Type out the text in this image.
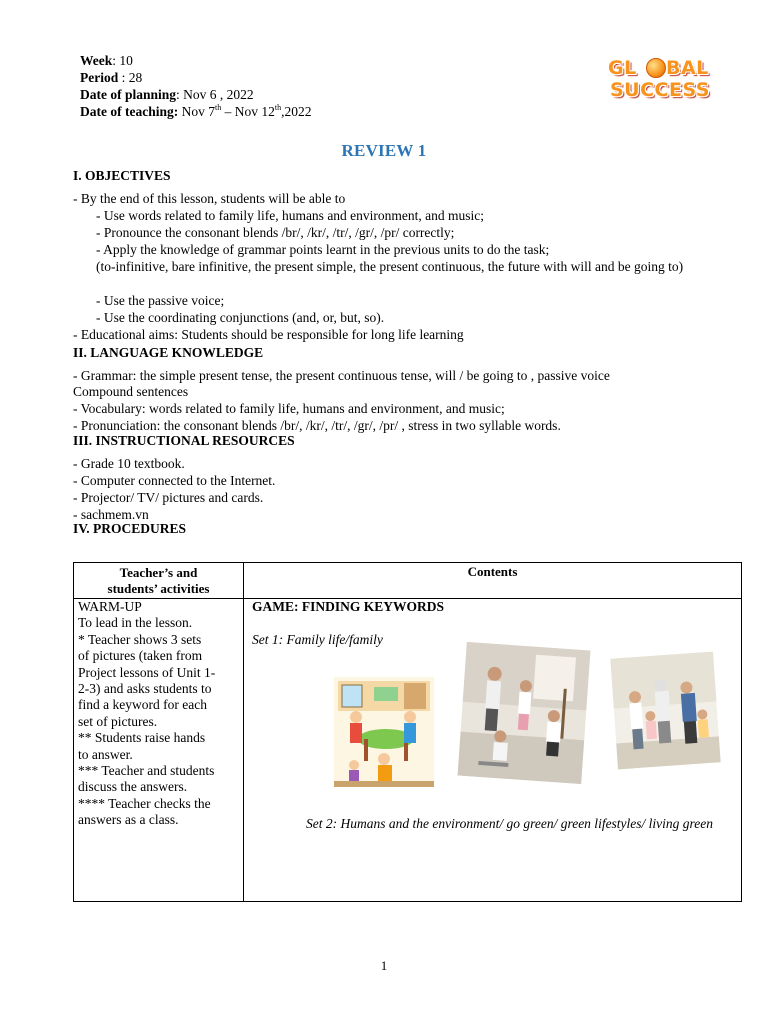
Week: 10
Period : 28
Date of planning: Nov 6 , 2022
Date of teaching: Nov 7th – Nov 12th,2022
GL BAL
SUCCESS
REVIEW 1
I. OBJECTIVES
- By the end of this lesson, students will be able to
- Use words related to family life, humans and environment, and music;
- Pronounce the consonant blends /br/, /kr/, /tr/, /gr/, /pr/ correctly;
- Apply the knowledge of grammar points learnt in the previous units to do the task;
(to-infinitive, bare infinitive, the present simple, the present continuous, the future with will and be going to)
- Use the passive voice;
- Use the coordinating conjunctions (and, or, but, so).
- Educational aims: Students should be responsible for long life learning
II. LANGUAGE KNOWLEDGE
- Grammar: the simple present tense, the present continuous tense, will / be going to , passive voice
Compound sentences
- Vocabulary: words related to family life, humans and environment, and music;
- Pronunciation: the consonant blends /br/, /kr/, /tr/, /gr/, /pr/ , stress in two syllable words.
III. INSTRUCTIONAL RESOURCES
- Grade 10 textbook.
- Computer connected to the Internet.
- Projector/ TV/ pictures and cards.
- sachmem.vn
IV. PROCEDURES
Teacher’s and
students’ activities
Contents
WARM-UP
To lead in the lesson.
* Teacher shows 3 sets
of pictures (taken from
Project lessons of Unit 1-
2-3) and asks students to
find a keyword for each
set of pictures.
** Students raise hands
to answer.
*** Teacher and students
discuss the answers.
**** Teacher checks the
answers as a class.
GAME: FINDING KEYWORDS
Set 1: Family life/family
Set 2: Humans and the environment/ go green/ green lifestyles/ living green
1
